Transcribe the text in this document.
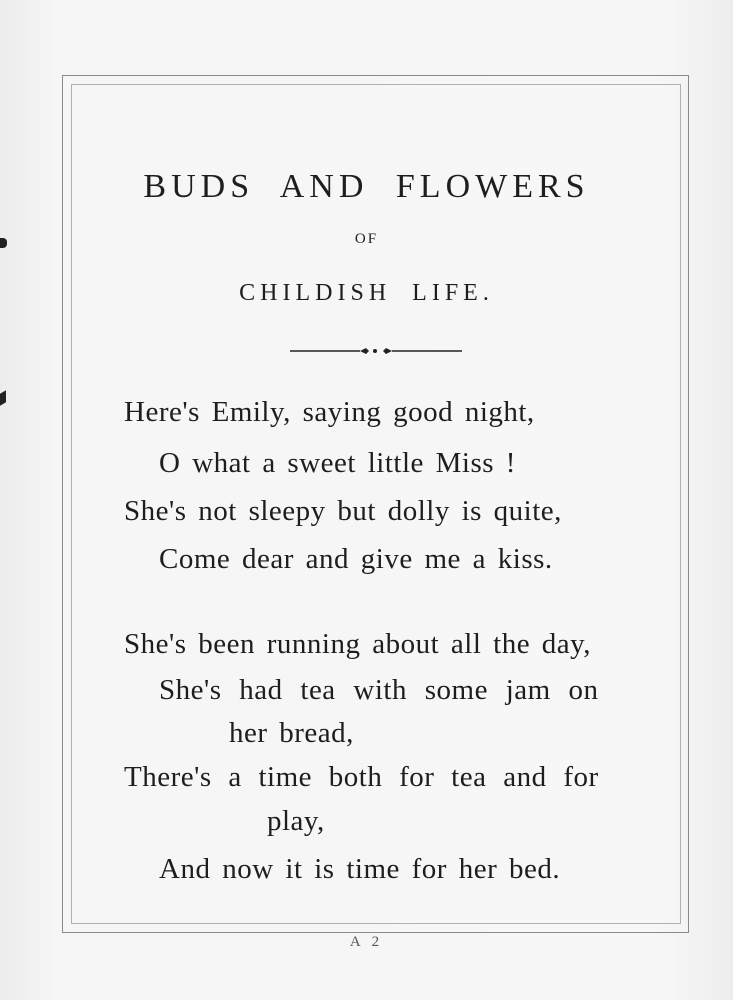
BUDS AND FLOWERS
OF
CHILDISH LIFE.
Here's Emily, saying good night,
O what a sweet little Miss !
She's not sleepy but dolly is quite,
Come dear and give me a kiss.
She's been running about all the day,
She's had tea with some jam on
her bread,
There's a time both for tea and for
play,
And now it is time for her bed.
A 2
